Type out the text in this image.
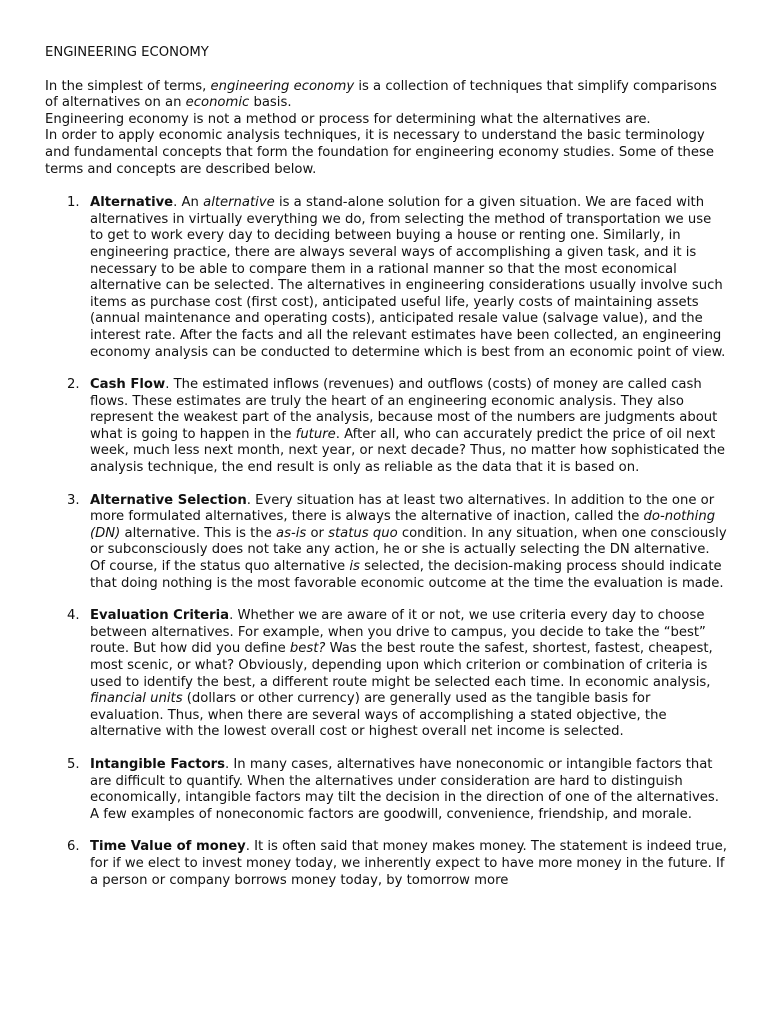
ENGINEERING ECONOMY

In the simplest of terms, engineering economy is a collection of techniques that simplify comparisons of alternatives on an economic basis.

Engineering economy is not a method or process for determining what the alternatives are.

In order to apply economic analysis techniques, it is necessary to understand the basic terminology and fundamental concepts that form the foundation for engineering economy studies. Some of these terms and concepts are described below.

1. Alternative. An alternative is a stand-alone solution for a given situation. We are faced with alternatives in virtually everything we do, from selecting the method of transportation we use to get to work every day to deciding between buying a house or renting one. Similarly, in engineering practice, there are always several ways of accomplishing a given task, and it is necessary to be able to compare them in a rational manner so that the most economical alternative can be selected. The alternatives in engineering considerations usually involve such items as purchase cost (first cost), anticipated useful life, yearly costs of maintaining assets (annual maintenance and operating costs), anticipated resale value (salvage value), and the interest rate. After the facts and all the relevant estimates have been collected, an engineering economy analysis can be conducted to determine which is best from an economic point of view.
2. Cash Flow. The estimated inflows (revenues) and outflows (costs) of money are called cash flows. These estimates are truly the heart of an engineering economic analysis. They also represent the weakest part of the analysis, because most of the numbers are judgments about what is going to happen in the future. After all, who can accurately predict the price of oil next week, much less next month, next year, or next decade? Thus, no matter how sophisticated the analysis technique, the end result is only as reliable as the data that it is based on.
3. Alternative Selection. Every situation has at least two alternatives. In addition to the one or more formulated alternatives, there is always the alternative of inaction, called the do-nothing (DN) alternative. This is the as-is or status quo condition. In any situation, when one consciously or subconsciously does not take any action, he or she is actually selecting the DN alternative. Of course, if the status quo alternative is selected, the decision-making process should indicate that doing nothing is the most favorable economic outcome at the time the evaluation is made.
4. Evaluation Criteria. Whether we are aware of it or not, we use criteria every day to choose between alternatives. For example, when you drive to campus, you decide to take the “best” route. But how did you define best? Was the best route the safest, shortest, fastest, cheapest, most scenic, or what? Obviously, depending upon which criterion or combination of criteria is used to identify the best, a different route might be selected each time. In economic analysis, financial units (dollars or other currency) are generally used as the tangible basis for evaluation. Thus, when there are several ways of accomplishing a stated objective, the alternative with the lowest overall cost or highest overall net income is selected.
5. Intangible Factors. In many cases, alternatives have noneconomic or intangible factors that are difficult to quantify. When the alternatives under consideration are hard to distinguish economically, intangible factors may tilt the decision in the direction of one of the alternatives. A few examples of noneconomic factors are goodwill, convenience, friendship, and morale.
6. Time Value of money. It is often said that money makes money. The statement is indeed true, for if we elect to invest money today, we inherently expect to have more money in the future. If a person or company borrows money today, by tomorrow more
